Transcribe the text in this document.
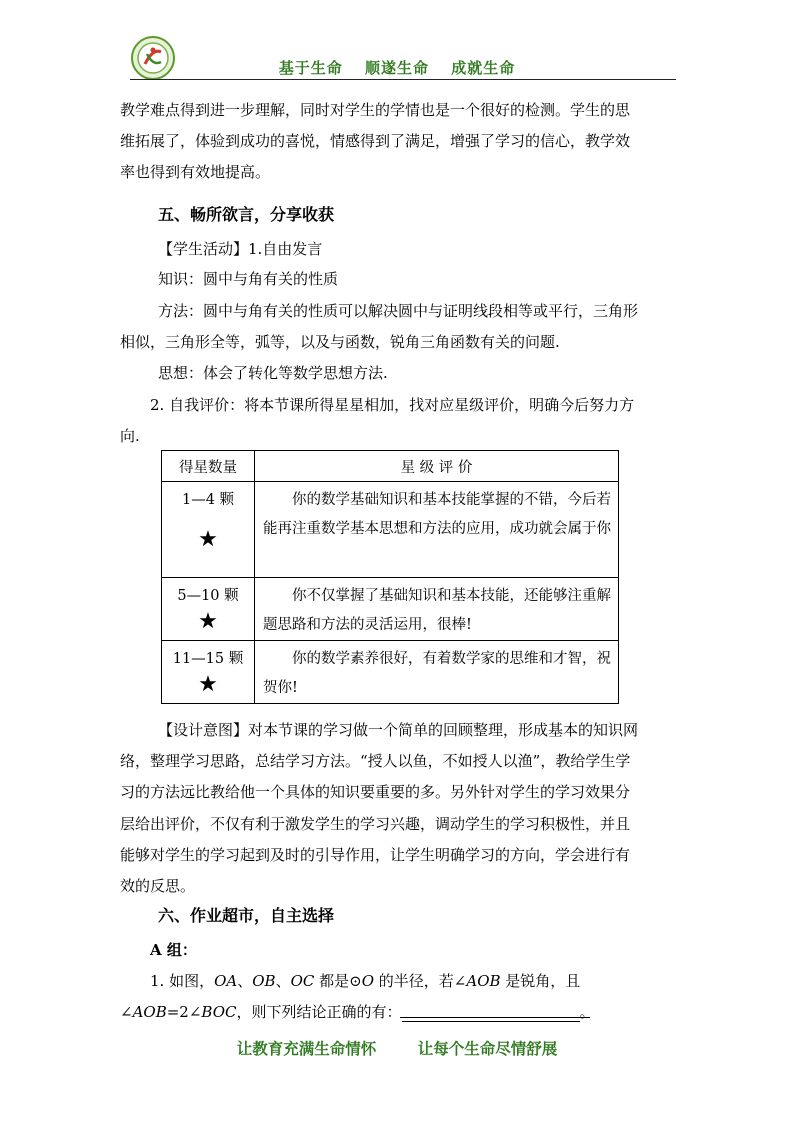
基于生命 顺遂生命 成就生命
教学难点得到进一步理解，同时对学生的学情也是一个很好的检测。学生的思
维拓展了，体验到成功的喜悦，情感得到了满足，增强了学习的信心，教学效
率也得到有效地提高。
五、畅所欲言，分享收获
【学生活动】1.自由发言
知识：圆中与角有关的性质
方法：圆中与角有关的性质可以解决圆中与证明线段相等或平行，三角形
相似，三角形全等，弧等，以及与函数，锐角三角函数有关的问题.
思想：体会了转化等数学思想方法.
2. 自我评价：将本节课所得星星相加，找对应星级评价，明确今后努力方
向.
得星数量	星 级 评 价
1—4 颗
★	你的数学基础知识和基本技能掌握的不错，今后若能再注重数学基本思想和方法的应用，成功就会属于你
5—10 颗
★	你不仅掌握了基础知识和基本技能，还能够注重解题思路和方法的灵活运用，很棒!
11—15 颗
★	你的数学素养很好，有着数学家的思维和才智，祝贺你!
【设计意图】对本节课的学习做一个简单的回顾整理，形成基本的知识网
络，整理学习思路，总结学习方法。“授人以鱼，不如授人以渔”，教给学生学
习的方法远比教给他一个具体的知识要重要的多。另外针对学生的学习效果分
层给出评价，不仅有利于激发学生的学习兴趣，调动学生的学习积极性，并且
能够对学生的学习起到及时的引导作用，让学生明确学习的方向，学会进行有
效的反思。
六、作业超市，自主选择
A 组：
1. 如图，OA、OB、OC 都是⊙O 的半径，若∠AOB 是锐角，且
∠AOB=2∠BOC，则下列结论正确的有：	。
让教育充满生命情怀	让每个生命尽情舒展
